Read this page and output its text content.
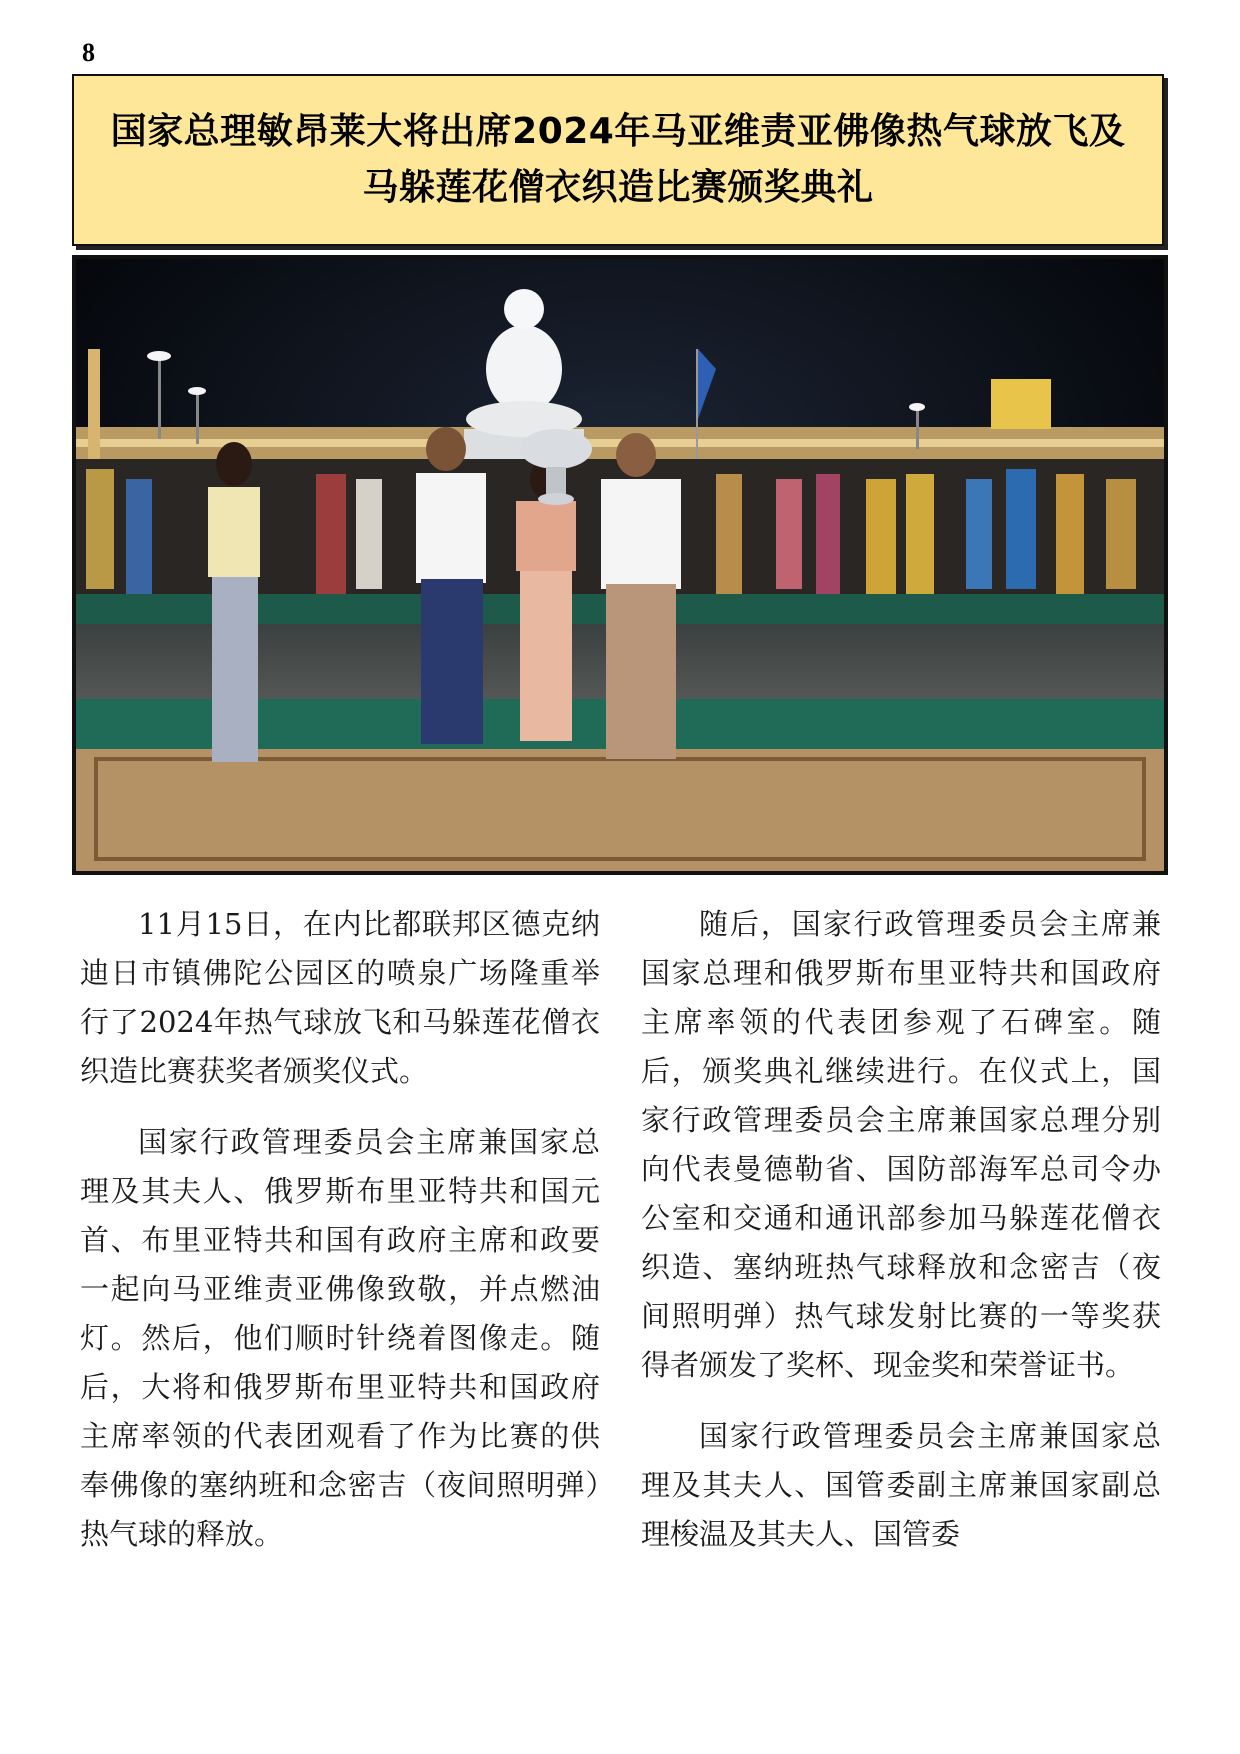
8
国家总理敏昂莱大将出席2024年马亚维责亚佛像热气球放飞及马躲莲花僧衣织造比赛颁奖典礼

11月15日，在内比都联邦区德克纳迪日市镇佛陀公园区的喷泉广场隆重举行了2024年热气球放飞和马躲莲花僧衣织造比赛获奖者颁奖仪式。

国家行政管理委员会主席兼国家总理及其夫人、俄罗斯布里亚特共和国元首、布里亚特共和国有政府主席和政要一起向马亚维责亚佛像致敬，并点燃油灯。然后，他们顺时针绕着图像走。随后，大将和俄罗斯布里亚特共和国政府主席率领的代表团观看了作为比赛的供奉佛像的塞纳班和念密吉（夜间照明弹）热气球的释放。

随后，国家行政管理委员会主席兼国家总理和俄罗斯布里亚特共和国政府主席率领的代表团参观了石碑室。随后，颁奖典礼继续进行。在仪式上，国家行政管理委员会主席兼国家总理分别向代表曼德勒省、国防部海军总司令办公室和交通和通讯部参加马躲莲花僧衣织造、塞纳班热气球释放和念密吉（夜间照明弹）热气球发射比赛的一等奖获得者颁发了奖杯、现金奖和荣誉证书。

国家行政管理委员会主席兼国家总理及其夫人、国管委副主席兼国家副总理梭温及其夫人、国管委
